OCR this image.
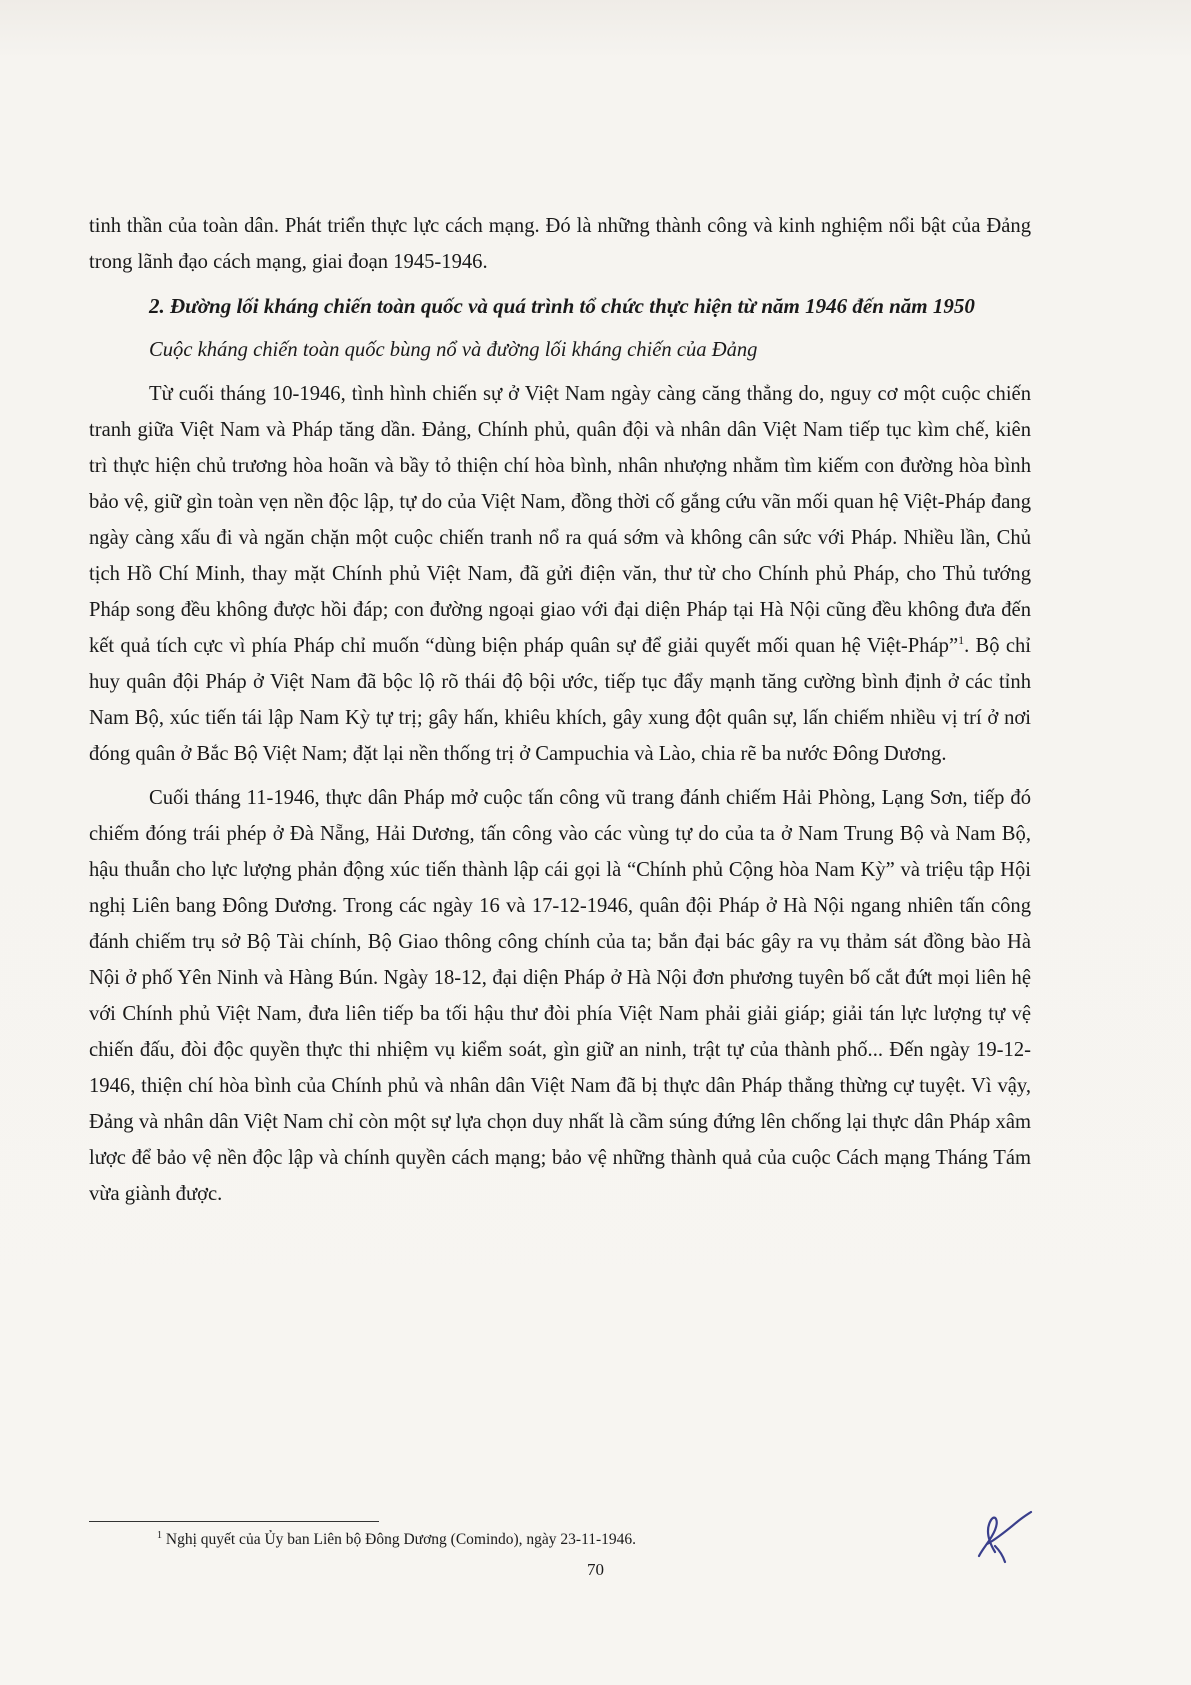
tinh thần của toàn dân. Phát triển thực lực cách mạng. Đó là những thành công và kinh nghiệm nổi bật của Đảng trong lãnh đạo cách mạng, giai đoạn 1945-1946.

2. Đường lối kháng chiến toàn quốc và quá trình tổ chức thực hiện từ năm 1946 đến năm 1950

Cuộc kháng chiến toàn quốc bùng nổ và đường lối kháng chiến của Đảng

Từ cuối tháng 10-1946, tình hình chiến sự ở Việt Nam ngày càng căng thẳng do, nguy cơ một cuộc chiến tranh giữa Việt Nam và Pháp tăng dần. Đảng, Chính phủ, quân đội và nhân dân Việt Nam tiếp tục kìm chế, kiên trì thực hiện chủ trương hòa hoãn và bầy tỏ thiện chí hòa bình, nhân nhượng nhằm tìm kiếm con đường hòa bình bảo vệ, giữ gìn toàn vẹn nền độc lập, tự do của Việt Nam, đồng thời cố gắng cứu vãn mối quan hệ Việt-Pháp đang ngày càng xấu đi và ngăn chặn một cuộc chiến tranh nổ ra quá sớm và không cân sức với Pháp. Nhiều lần, Chủ tịch Hồ Chí Minh, thay mặt Chính phủ Việt Nam, đã gửi điện văn, thư từ cho Chính phủ Pháp, cho Thủ tướng Pháp song đều không được hồi đáp; con đường ngoại giao với đại diện Pháp tại Hà Nội cũng đều không đưa đến kết quả tích cực vì phía Pháp chỉ muốn “dùng biện pháp quân sự để giải quyết mối quan hệ Việt-Pháp”$^1$. Bộ chỉ huy quân đội Pháp ở Việt Nam đã bộc lộ rõ thái độ bội ước, tiếp tục đẩy mạnh tăng cường bình định ở các tỉnh Nam Bộ, xúc tiến tái lập Nam Kỳ tự trị; gây hấn, khiêu khích, gây xung đột quân sự, lấn chiếm nhiều vị trí ở nơi đóng quân ở Bắc Bộ Việt Nam; đặt lại nền thống trị ở Campuchia và Lào, chia rẽ ba nước Đông Dương.

Cuối tháng 11-1946, thực dân Pháp mở cuộc tấn công vũ trang đánh chiếm Hải Phòng, Lạng Sơn, tiếp đó chiếm đóng trái phép ở Đà Nẵng, Hải Dương, tấn công vào các vùng tự do của ta ở Nam Trung Bộ và Nam Bộ, hậu thuẫn cho lực lượng phản động xúc tiến thành lập cái gọi là “Chính phủ Cộng hòa Nam Kỳ” và triệu tập Hội nghị Liên bang Đông Dương. Trong các ngày 16 và 17-12-1946, quân đội Pháp ở Hà Nội ngang nhiên tấn công đánh chiếm trụ sở Bộ Tài chính, Bộ Giao thông công chính của ta; bắn đại bác gây ra vụ thảm sát đồng bào Hà Nội ở phố Yên Ninh và Hàng Bún. Ngày 18-12, đại diện Pháp ở Hà Nội đơn phương tuyên bố cắt đứt mọi liên hệ với Chính phủ Việt Nam, đưa liên tiếp ba tối hậu thư đòi phía Việt Nam phải giải giáp; giải tán lực lượng tự vệ chiến đấu, đòi độc quyền thực thi nhiệm vụ kiểm soát, gìn giữ an ninh, trật tự của thành phố... Đến ngày 19-12-1946, thiện chí hòa bình của Chính phủ và nhân dân Việt Nam đã bị thực dân Pháp thẳng thừng cự tuyệt. Vì vậy, Đảng và nhân dân Việt Nam chỉ còn một sự lựa chọn duy nhất là cầm súng đứng lên chống lại thực dân Pháp xâm lược để bảo vệ nền độc lập và chính quyền cách mạng; bảo vệ những thành quả của cuộc Cách mạng Tháng Tám vừa giành được.

$^1$ Nghị quyết của Ủy ban Liên bộ Đông Dương (Comindo), ngày 23-11-1946.
70
